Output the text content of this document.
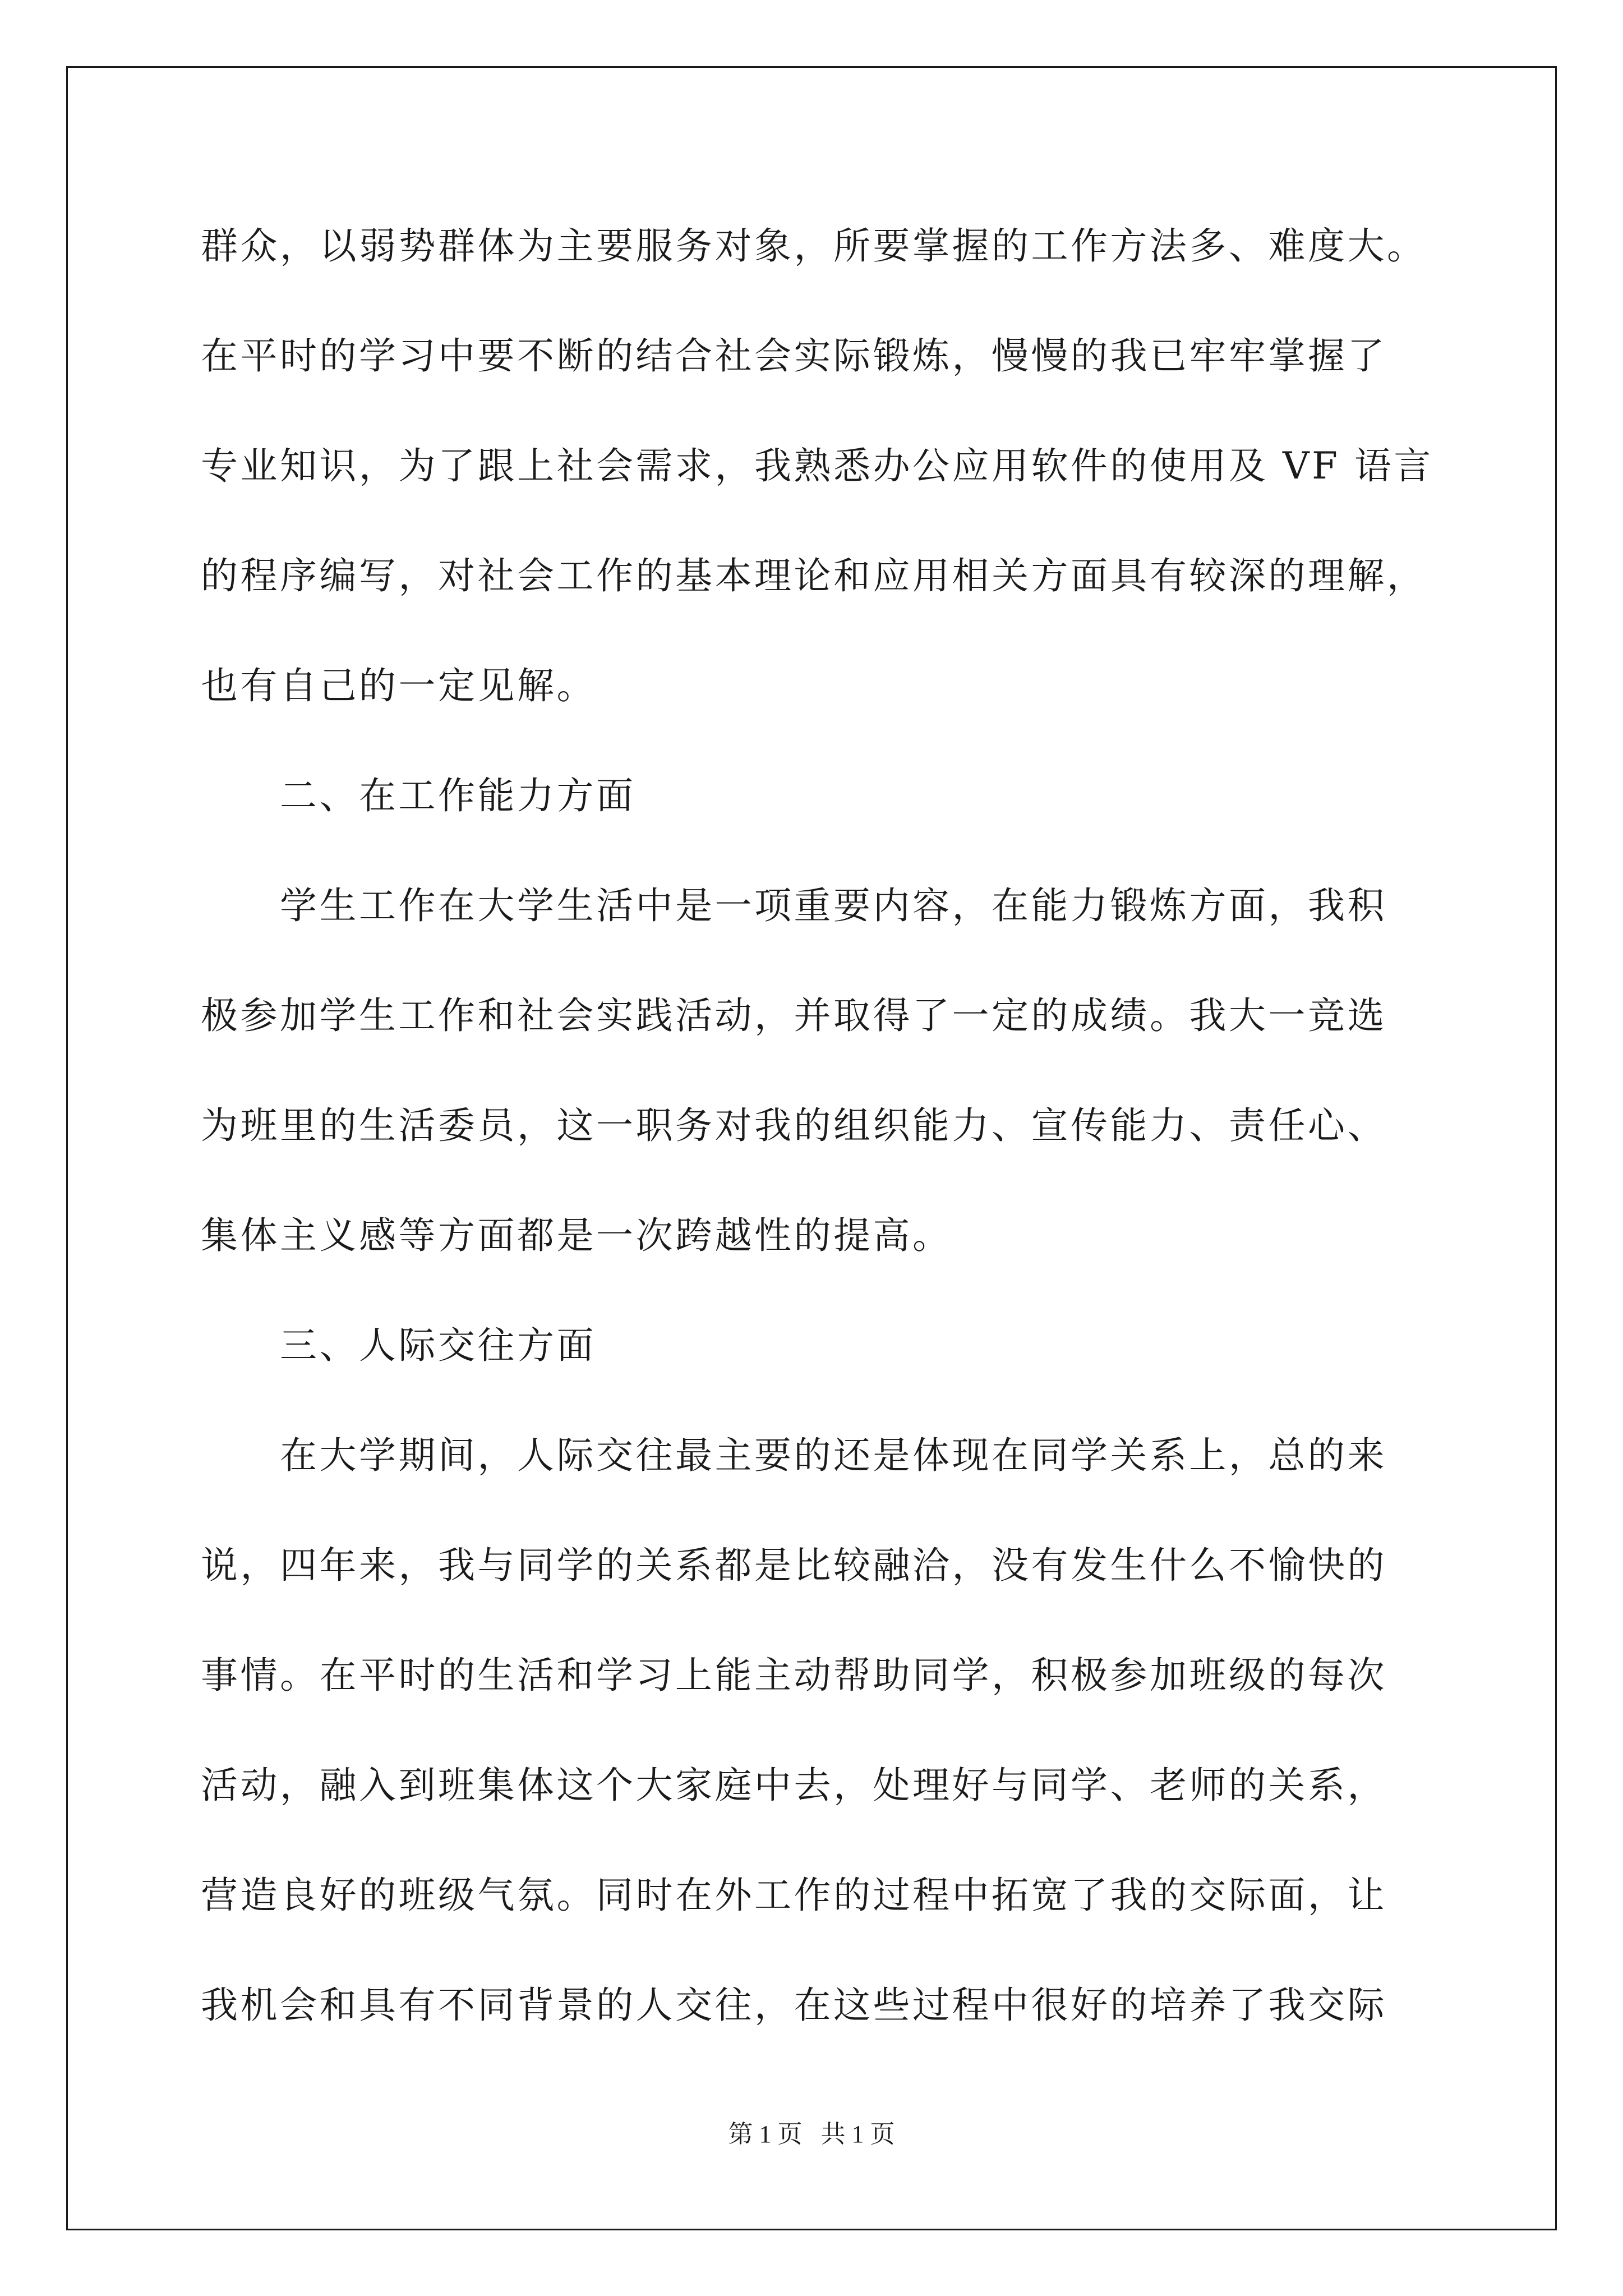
群众，以弱势群体为主要服务对象，所要掌握的工作方法多、难度大。
在平时的学习中要不断的结合社会实际锻炼，慢慢的我已牢牢掌握了
专业知识，为了跟上社会需求，我熟悉办公应用软件的使用及 VF 语言
的程序编写，对社会工作的基本理论和应用相关方面具有较深的理解，
也有自己的一定见解。
　　二、在工作能力方面
　　学生工作在大学生活中是一项重要内容，在能力锻炼方面，我积
极参加学生工作和社会实践活动，并取得了一定的成绩。我大一竞选
为班里的生活委员，这一职务对我的组织能力、宣传能力、责任心、
集体主义感等方面都是一次跨越性的提高。
　　三、人际交往方面
　　在大学期间，人际交往最主要的还是体现在同学关系上，总的来
说，四年来，我与同学的关系都是比较融洽，没有发生什么不愉快的
事情。在平时的生活和学习上能主动帮助同学，积极参加班级的每次
活动，融入到班集体这个大家庭中去，处理好与同学、老师的关系，
营造良好的班级气氛。同时在外工作的过程中拓宽了我的交际面，让
我机会和具有不同背景的人交往，在这些过程中很好的培养了我交际
第 1 页   共 1 页
